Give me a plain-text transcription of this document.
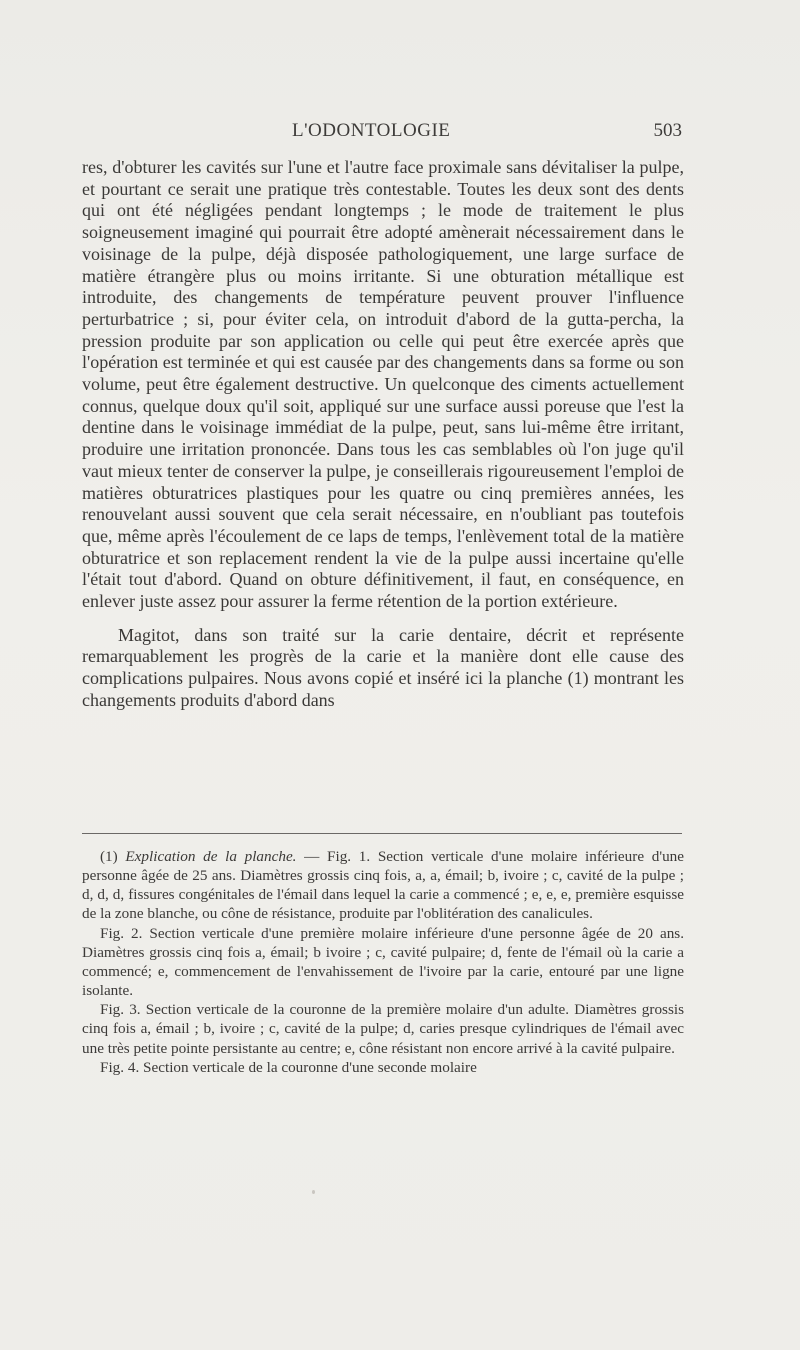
L'ODONTOLOGIE	503

res, d'obturer les cavités sur l'une et l'autre face proximale sans dévitaliser la pulpe, et pourtant ce serait une pratique très contestable. Toutes les deux sont des dents qui ont été négligées pendant longtemps ; le mode de traitement le plus soigneusement imaginé qui pourrait être adopté amènerait nécessairement dans le voisinage de la pulpe, déjà disposée pathologiquement, une large surface de matière étrangère plus ou moins irritante. Si une obturation métallique est introduite, des changements de température peuvent prouver l'influence perturbatrice ; si, pour éviter cela, on introduit d'abord de la gutta-percha, la pression produite par son application ou celle qui peut être exercée après que l'opération est terminée et qui est causée par des changements dans sa forme ou son volume, peut être également destructive. Un quelconque des ciments actuellement connus, quelque doux qu'il soit, appliqué sur une surface aussi poreuse que l'est la dentine dans le voisinage immédiat de la pulpe, peut, sans lui-même être irritant, produire une irritation prononcée. Dans tous les cas semblables où l'on juge qu'il vaut mieux tenter de conserver la pulpe, je conseillerais rigoureusement l'emploi de matières obturatrices plastiques pour les quatre ou cinq premières années, les renouvelant aussi souvent que cela serait nécessaire, en n'oubliant pas toutefois que, même après l'écoulement de ce laps de temps, l'enlèvement total de la matière obturatrice et son replacement rendent la vie de la pulpe aussi incertaine qu'elle l'était tout d'abord. Quand on obture définitivement, il faut, en conséquence, en enlever juste assez pour assurer la ferme rétention de la portion extérieure.

Magitot, dans son traité sur la carie dentaire, décrit et représente remarquablement les progrès de la carie et la manière dont elle cause des complications pulpaires. Nous avons copié et inséré ici la planche (1) montrant les changements produits d'abord dans

(1) Explication de la planche. — Fig. 1. Section verticale d'une molaire inférieure d'une personne âgée de 25 ans. Diamètres grossis cinq fois, a, a, émail; b, ivoire ; c, cavité de la pulpe ; d, d, d, fissures congénitales de l'émail dans lequel la carie a commencé ; e, e, e, première esquisse de la zone blanche, ou cône de résistance, produite par l'oblitération des canalicules.

Fig. 2. Section verticale d'une première molaire inférieure d'une personne âgée de 20 ans. Diamètres grossis cinq fois a, émail; b ivoire ; c, cavité pulpaire; d, fente de l'émail où la carie a commencé; e, commencement de l'envahissement de l'ivoire par la carie, entouré par une ligne isolante.

Fig. 3. Section verticale de la couronne de la première molaire d'un adulte. Diamètres grossis cinq fois a, émail ; b, ivoire ; c, cavité de la pulpe; d, caries presque cylindriques de l'émail avec une très petite pointe persistante au centre; e, cône résistant non encore arrivé à la cavité pulpaire.

Fig. 4. Section verticale de la couronne d'une seconde molaire
